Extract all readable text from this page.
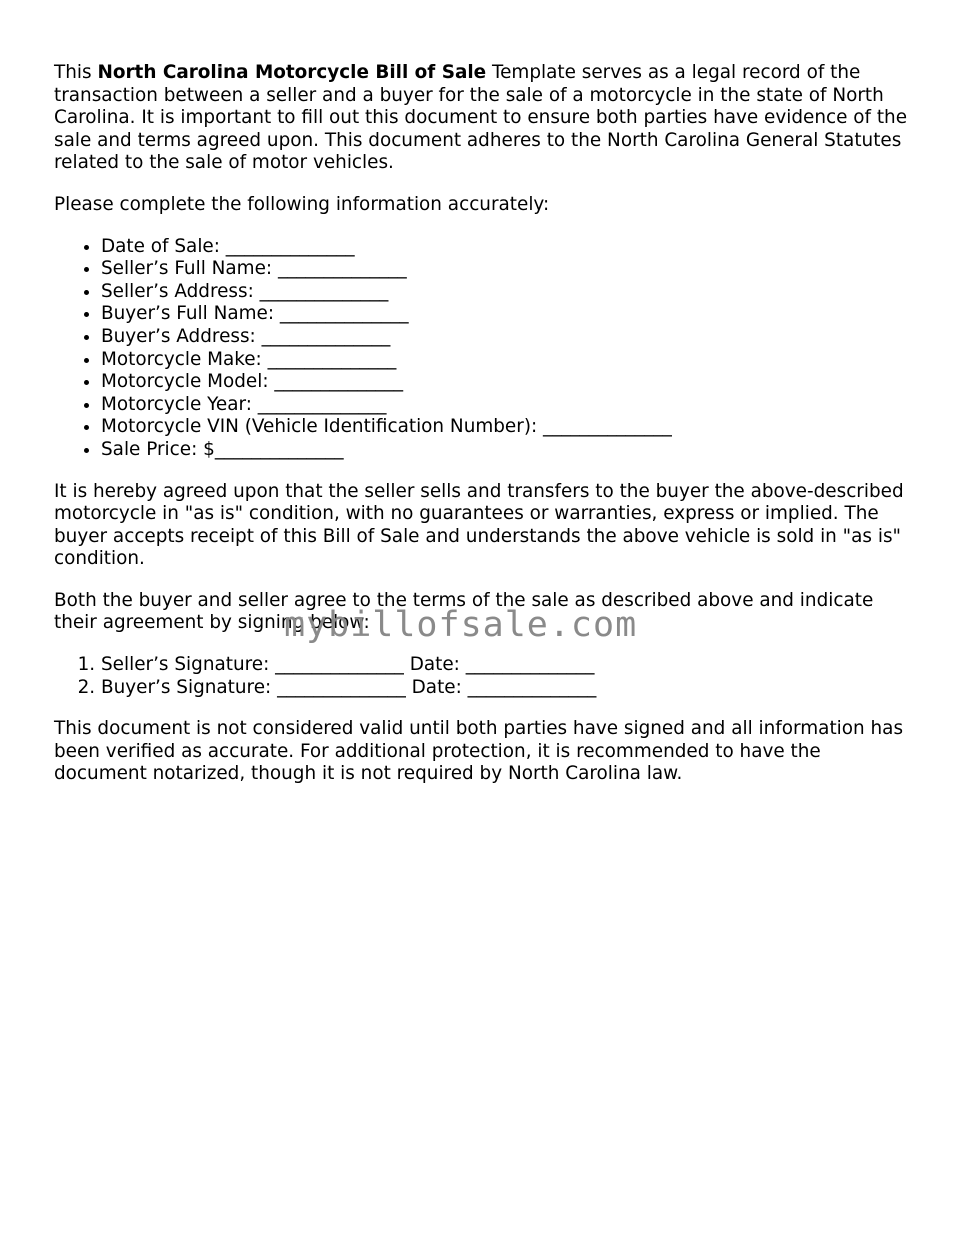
This North Carolina Motorcycle Bill of Sale Template serves as a legal record of the transaction between a seller and a buyer for the sale of a motorcycle in the state of North Carolina. It is important to fill out this document to ensure both parties have evidence of the sale and terms agreed upon. This document adheres to the North Carolina General Statutes related to the sale of motor vehicles.

Please complete the following information accurately:

• Date of Sale: ______________
• Seller’s Full Name: ______________
• Seller’s Address: ______________
• Buyer’s Full Name: ______________
• Buyer’s Address: ______________
• Motorcycle Make: ______________
• Motorcycle Model: ______________
• Motorcycle Year: ______________
• Motorcycle VIN (Vehicle Identification Number): ______________
• Sale Price: $______________

It is hereby agreed upon that the seller sells and transfers to the buyer the above-described motorcycle in "as is" condition, with no guarantees or warranties, express or implied. The buyer accepts receipt of this Bill of Sale and understands the above vehicle is sold in "as is" condition.

Both the buyer and seller agree to the terms of the sale as described above and indicate their agreement by signing below:

1. Seller’s Signature: ______________ Date: ______________
2. Buyer’s Signature: ______________ Date: ______________

This document is not considered valid until both parties have signed and all information has been verified as accurate. For additional protection, it is recommended to have the document notarized, though it is not required by North Carolina law.

mybillofsale.com
